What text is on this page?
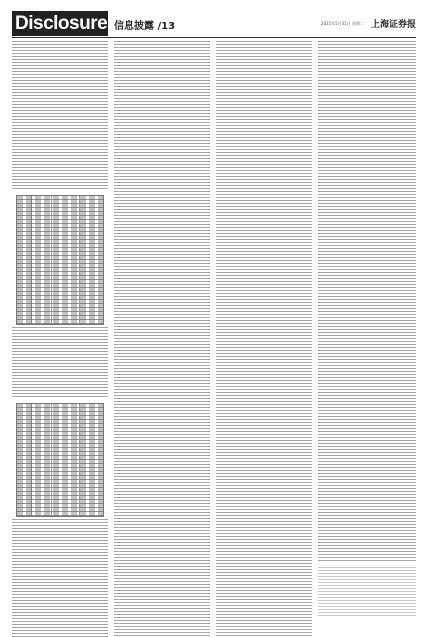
Disclosure 信息披露 /13	2022年5月31日 星期二 上海证券报
